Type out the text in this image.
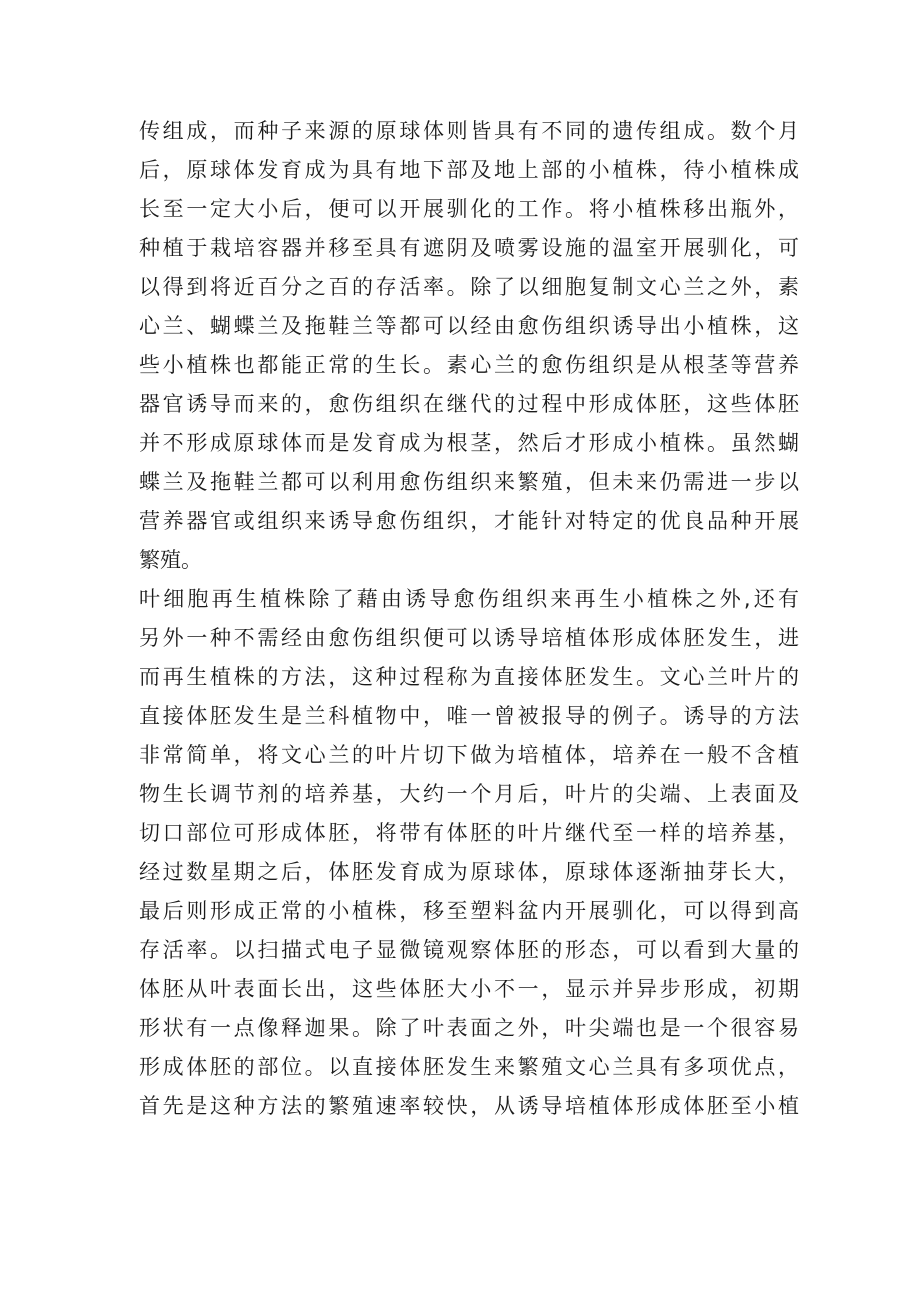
传组成，而种子来源的原球体则皆具有不同的遗传组成。数个月
后，原球体发育成为具有地下部及地上部的小植株，待小植株成
长至一定大小后，便可以开展驯化的工作。将小植株移出瓶外，
种植于栽培容器并移至具有遮阴及喷雾设施的温室开展驯化，可
以得到将近百分之百的存活率。除了以细胞复制文心兰之外，素
心兰、蝴蝶兰及拖鞋兰等都可以经由愈伤组织诱导出小植株，这
些小植株也都能正常的生长。素心兰的愈伤组织是从根茎等营养
器官诱导而来的，愈伤组织在继代的过程中形成体胚，这些体胚
并不形成原球体而是发育成为根茎，然后才形成小植株。虽然蝴
蝶兰及拖鞋兰都可以利用愈伤组织来繁殖，但未来仍需进一步以
营养器官或组织来诱导愈伤组织，才能针对特定的优良品种开展
繁殖。
叶细胞再生植株除了藉由诱导愈伤组织来再生小植株之外,还有
另外一种不需经由愈伤组织便可以诱导培植体形成体胚发生，进
而再生植株的方法，这种过程称为直接体胚发生。文心兰叶片的
直接体胚发生是兰科植物中，唯一曾被报导的例子。诱导的方法
非常简单，将文心兰的叶片切下做为培植体，培养在一般不含植
物生长调节剂的培养基，大约一个月后，叶片的尖端、上表面及
切口部位可形成体胚，将带有体胚的叶片继代至一样的培养基，
经过数星期之后，体胚发育成为原球体，原球体逐渐抽芽长大，
最后则形成正常的小植株，移至塑料盆内开展驯化，可以得到高
存活率。以扫描式电子显微镜观察体胚的形态，可以看到大量的
体胚从叶表面长出，这些体胚大小不一，显示并异步形成，初期
形状有一点像释迦果。除了叶表面之外，叶尖端也是一个很容易
形成体胚的部位。以直接体胚发生来繁殖文心兰具有多项优点，
首先是这种方法的繁殖速率较快，从诱导培植体形成体胚至小植
